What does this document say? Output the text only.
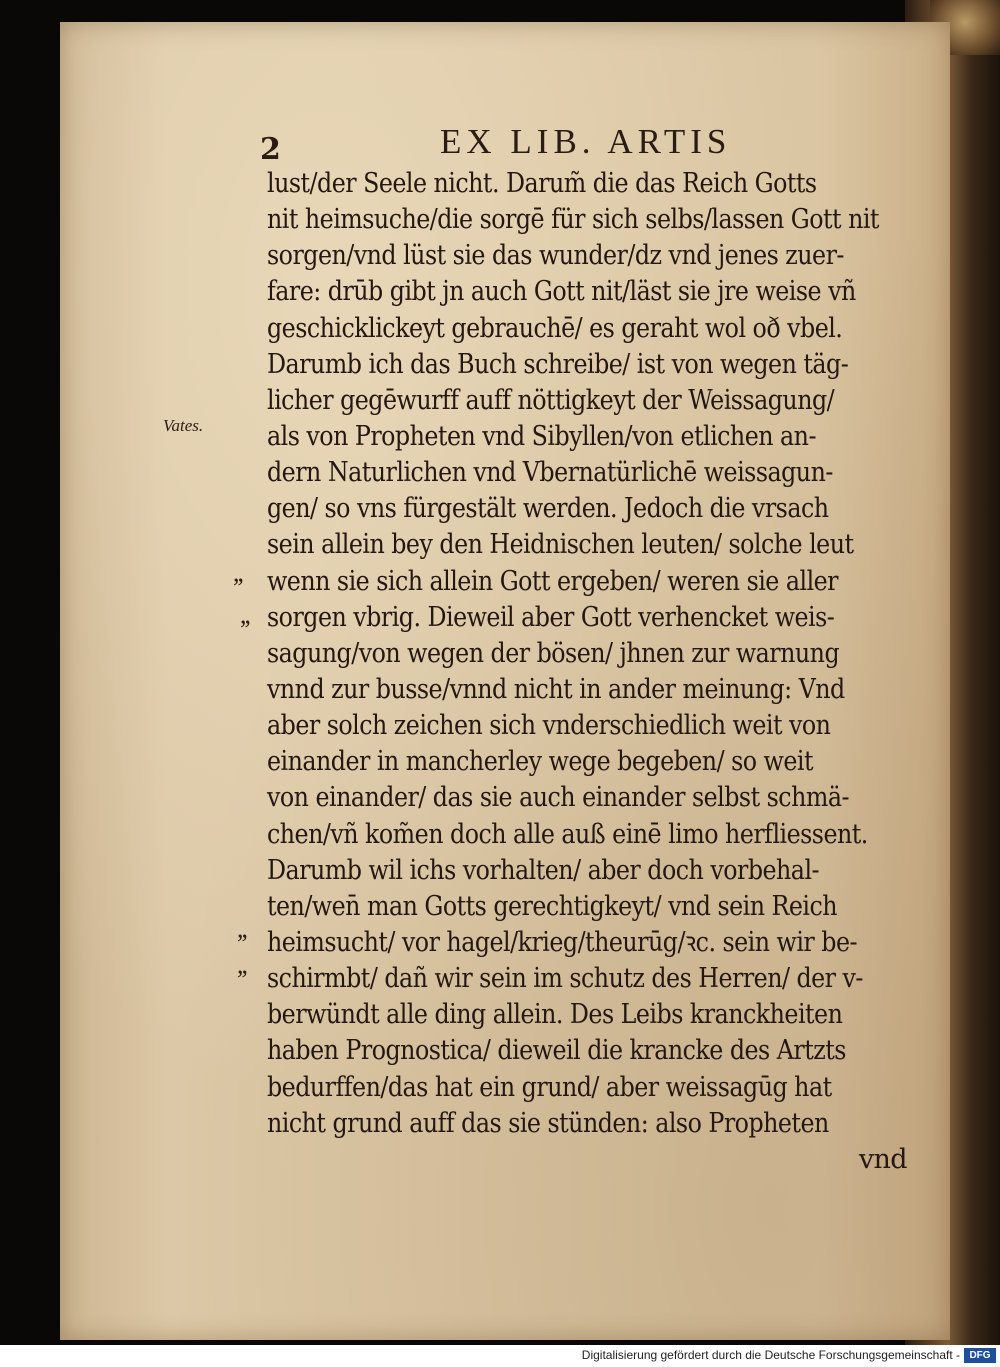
2	EX LIB. ARTIS
Vates.
,,
,,
,,
,,
lust/der Seele nicht. Darum̃ die das Reich Gotts
nit heimsuche/die sorgē für sich selbs/lassen Gott nit
sorgen/vnd lüst sie das wunder/dz vnd jenes zuer-
fare: drūb gibt jn auch Gott nit/läst sie jre weise vñ
geschicklickeyt gebrauchē/ es geraht wol oð vbel.
Darumb ich das Buch schreibe/ ist von wegen täg-
licher gegēwurff auff nöttigkeyt der Weissagung/
als von Propheten vnd Sibyllen/von etlichen an-
dern Naturlichen vnd Vbernatürlichē weissagun-
gen/ so vns fürgestält werden. Jedoch die vrsach
sein allein bey den Heidnischen leuten/ solche leut
wenn sie sich allein Gott ergeben/ weren sie aller
sorgen vbrig. Dieweil aber Gott verhencket weis-
sagung/von wegen der bösen/ jhnen zur warnung
vnnd zur busse/vnnd nicht in ander meinung: Vnd
aber solch zeichen sich vnderschiedlich weit von
einander in mancherley wege begeben/ so weit
von einander/ das sie auch einander selbst schmä-
chen/vñ kom̃en doch alle auß einē limo herfliessent.
Darumb wil ichs vorhalten/ aber doch vorbehal-
ten/wen̄ man Gotts gerechtigkeyt/ vnd sein Reich
heimsucht/ vor hagel/krieg/theurūg/ꝛc. sein wir be-
schirmbt/ dañ wir sein im schutz des Herren/ der v-
berwündt alle ding allein. Des Leibs kranckheiten
haben Prognostica/ dieweil die krancke des Artzts
bedurffen/das hat ein grund/ aber weissagūg hat
nicht grund auff das sie stünden: also Propheten
vnd
Digitalisierung gefördert durch die Deutsche Forschungsgemeinschaft - DFG
